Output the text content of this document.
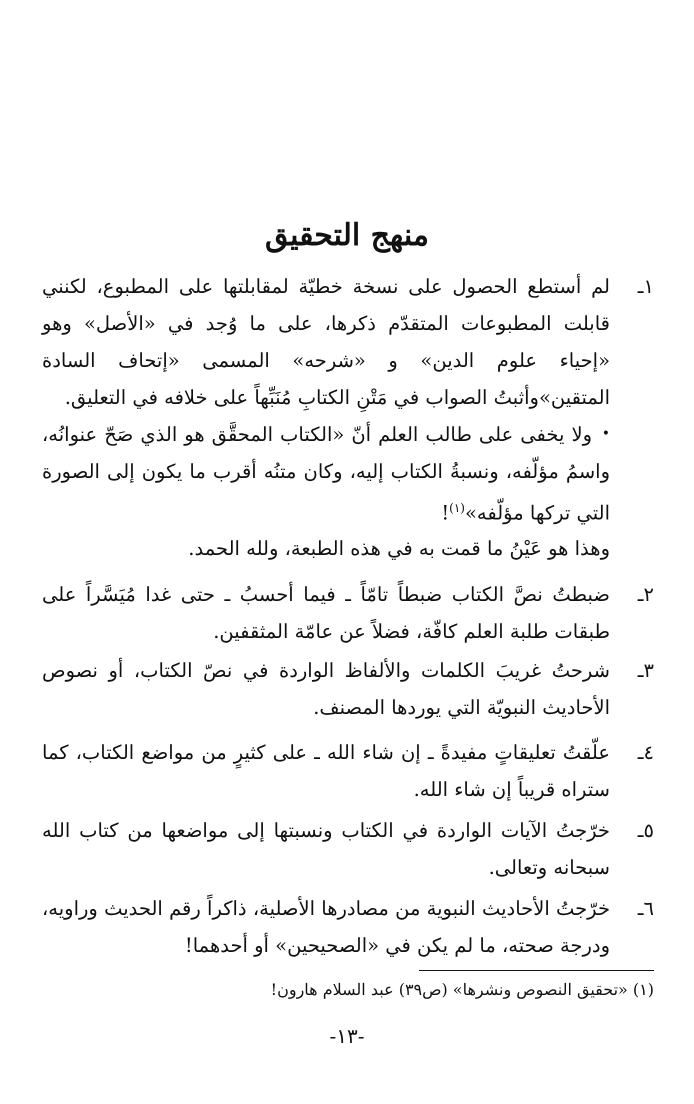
منهج التحقيق
١ـ
لم أستطع الحصول على نسخة خطيّة لمقابلتها على المطبوع، لكنني قابلت المطبوعات المتقدّم ذكرها، على ما وُجد في «الأصل» وهو «إحياء علوم الدين» و «شرحه» المسمى «إتحاف السادة المتقين»وأثبتُ الصواب في مَتْنِ الكتابِ مُنَبِّهاً على خلافه في التعليق.
•ولا يخفى على طالب العلم أنّ «الكتاب المحقَّق هو الذي صَحّ عنوانُه، واسمُ مؤلّفه، ونسبةُ الكتاب إليه، وكان متنُه أقرب ما يكون إلى الصورة التي تركها مؤلّفه»$^{(١)}$!
وهذا هو عَيْنُ ما قمت به في هذه الطبعة، ولله الحمد.
٢ـ
ضبطتُ نصَّ الكتاب ضبطاً تامّاً ـ فيما أحسبُ ـ حتى غدا مُيَسَّراً على طبقات طلبة العلم كافّة، فضلاً عن عامّة المثقفين.
٣ـ
شرحتُ غريبَ الكلمات والألفاظ الواردة في نصّ الكتاب، أو نصوص الأحاديث النبويّة التي يوردها المصنف.
٤ـ
علّقتُ تعليقاتٍ مفيدةً ـ إن شاء الله ـ على كثيرٍ من مواضع الكتاب، كما ستراه قريباً إن شاء الله.
٥ـ
خرّجتُ الآيات الواردة في الكتاب ونسبتها إلى مواضعها من كتاب الله سبحانه وتعالى.
٦ـ
خرّجتُ الأحاديث النبوية من مصادرها الأصلية، ذاكراً رقم الحديث وراويه، ودرجة صحته، ما لم يكن في «الصحيحين» أو أحدهما!
(١) «تحقيق النصوص ونشرها» (ص٣٩) عبد السلام هارون!
-١٣-
